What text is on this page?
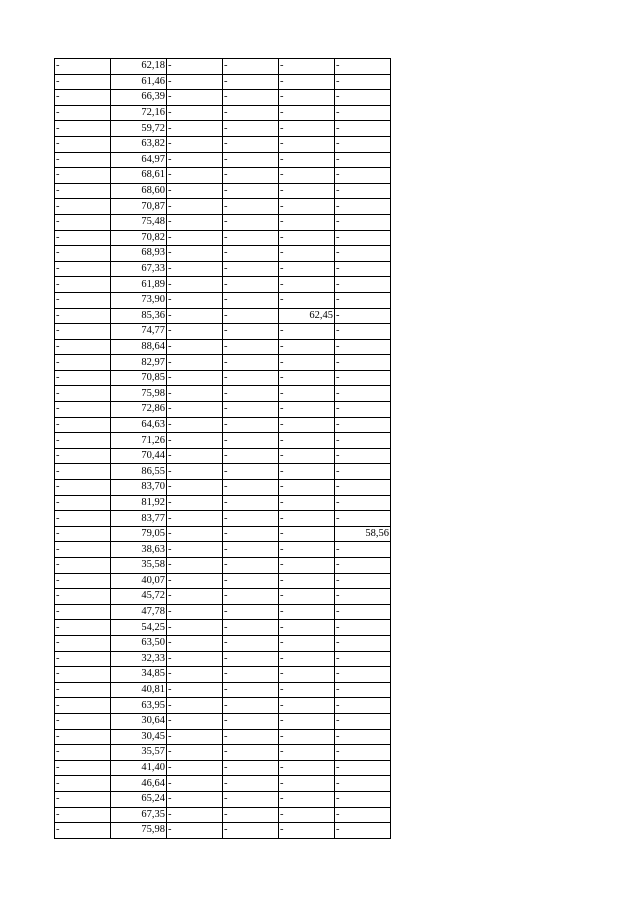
-	62,18	-	-	-	-
-	61,46	-	-	-	-
-	66,39	-	-	-	-
-	72,16	-	-	-	-
-	59,72	-	-	-	-
-	63,82	-	-	-	-
-	64,97	-	-	-	-
-	68,61	-	-	-	-
-	68,60	-	-	-	-
-	70,87	-	-	-	-
-	75,48	-	-	-	-
-	70,82	-	-	-	-
-	68,93	-	-	-	-
-	67,33	-	-	-	-
-	61,89	-	-	-	-
-	73,90	-	-	-	-
-	85,36	-	-	62,45	-
-	74,77	-	-	-	-
-	88,64	-	-	-	-
-	82,97	-	-	-	-
-	70,85	-	-	-	-
-	75,98	-	-	-	-
-	72,86	-	-	-	-
-	64,63	-	-	-	-
-	71,26	-	-	-	-
-	70,44	-	-	-	-
-	86,55	-	-	-	-
-	83,70	-	-	-	-
-	81,92	-	-	-	-
-	83,77	-	-	-	-
-	79,05	-	-	-	58,56
-	38,63	-	-	-	-
-	35,58	-	-	-	-
-	40,07	-	-	-	-
-	45,72	-	-	-	-
-	47,78	-	-	-	-
-	54,25	-	-	-	-
-	63,50	-	-	-	-
-	32,33	-	-	-	-
-	34,85	-	-	-	-
-	40,81	-	-	-	-
-	63,95	-	-	-	-
-	30,64	-	-	-	-
-	30,45	-	-	-	-
-	35,57	-	-	-	-
-	41,40	-	-	-	-
-	46,64	-	-	-	-
-	65,24	-	-	-	-
-	67,35	-	-	-	-
-	75,98	-	-	-	-
